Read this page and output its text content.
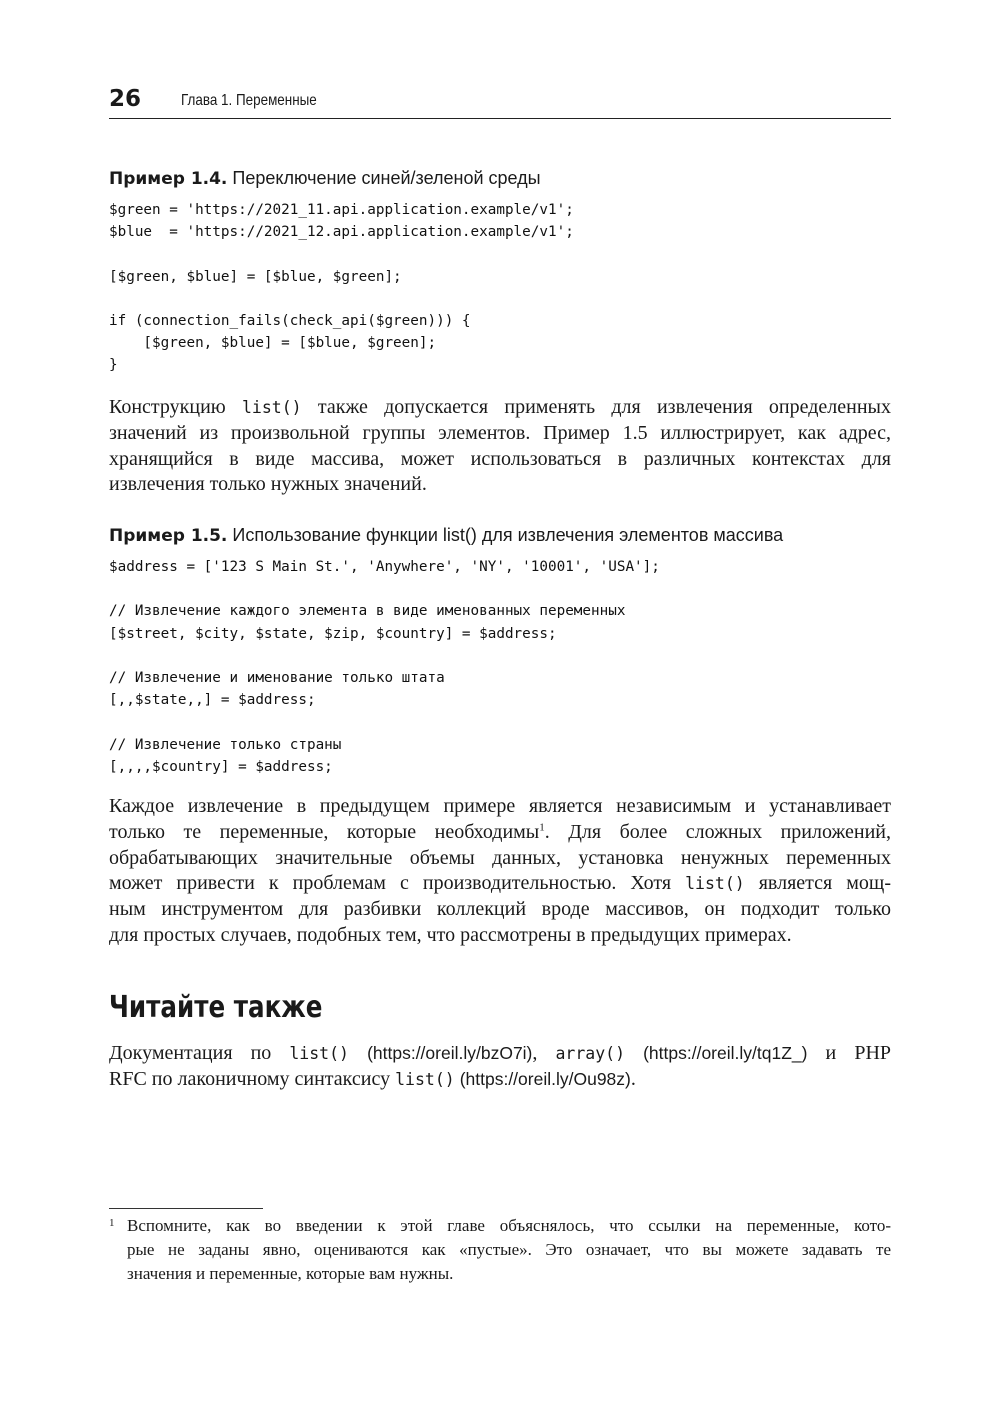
26 Глава 1. Переменные
Пример 1.4. Переключение синей/зеленой среды
$green = 'https://2021_11.api.application.example/v1';
$blue  = 'https://2021_12.api.application.example/v1';
[$green, $blue] = [$blue, $green];
if (connection_fails(check_api($green))) {
[$green, $blue] = [$blue, $green];
}
Конструкцию list() также допускается применять для извлечения определенных
значений из произвольной группы элементов. Пример 1.5 иллюстрирует, как адрес,
хранящийся в виде массива, может использоваться в различных контекстах для
извлечения только нужных значений.
Пример 1.5. Использование функции list() для извлечения элементов массива
$address = ['123 S Main St.', 'Anywhere', 'NY', '10001', 'USA'];
// Извлечение каждого элемента в виде именованных переменных
[$street, $city, $state, $zip, $country] = $address;
// Извлечение и именование только штата
[,,$state,,] = $address;
// Извлечение только страны
[,,,,$country] = $address;
Каждое извлечение в предыдущем примере является независимым и устанавливает
только те переменные, которые необходимы$^1$. Для более сложных приложений,
обрабатывающих значительные объемы данных, установка ненужных переменных
может привести к проблемам с производительностью. Хотя list() является мощ-
ным инструментом для разбивки коллекций вроде массивов, он подходит только
для простых случаев, подобных тем, что рассмотрены в предыдущих примерах.
Читайте также
Документация по list() (https://oreil.ly/bzO7i), array() (https://oreil.ly/tq1Z_) и PHP
RFC по лаконичному синтаксису list() (https://oreil.ly/Ou98z).
1 Вспомните, как во введении к этой главе объяснялось, что ссылки на переменные, кото-
рые не заданы явно, оцениваются как «пустые». Это означает, что вы можете задавать те
значения и переменные, которые вам нужны.
